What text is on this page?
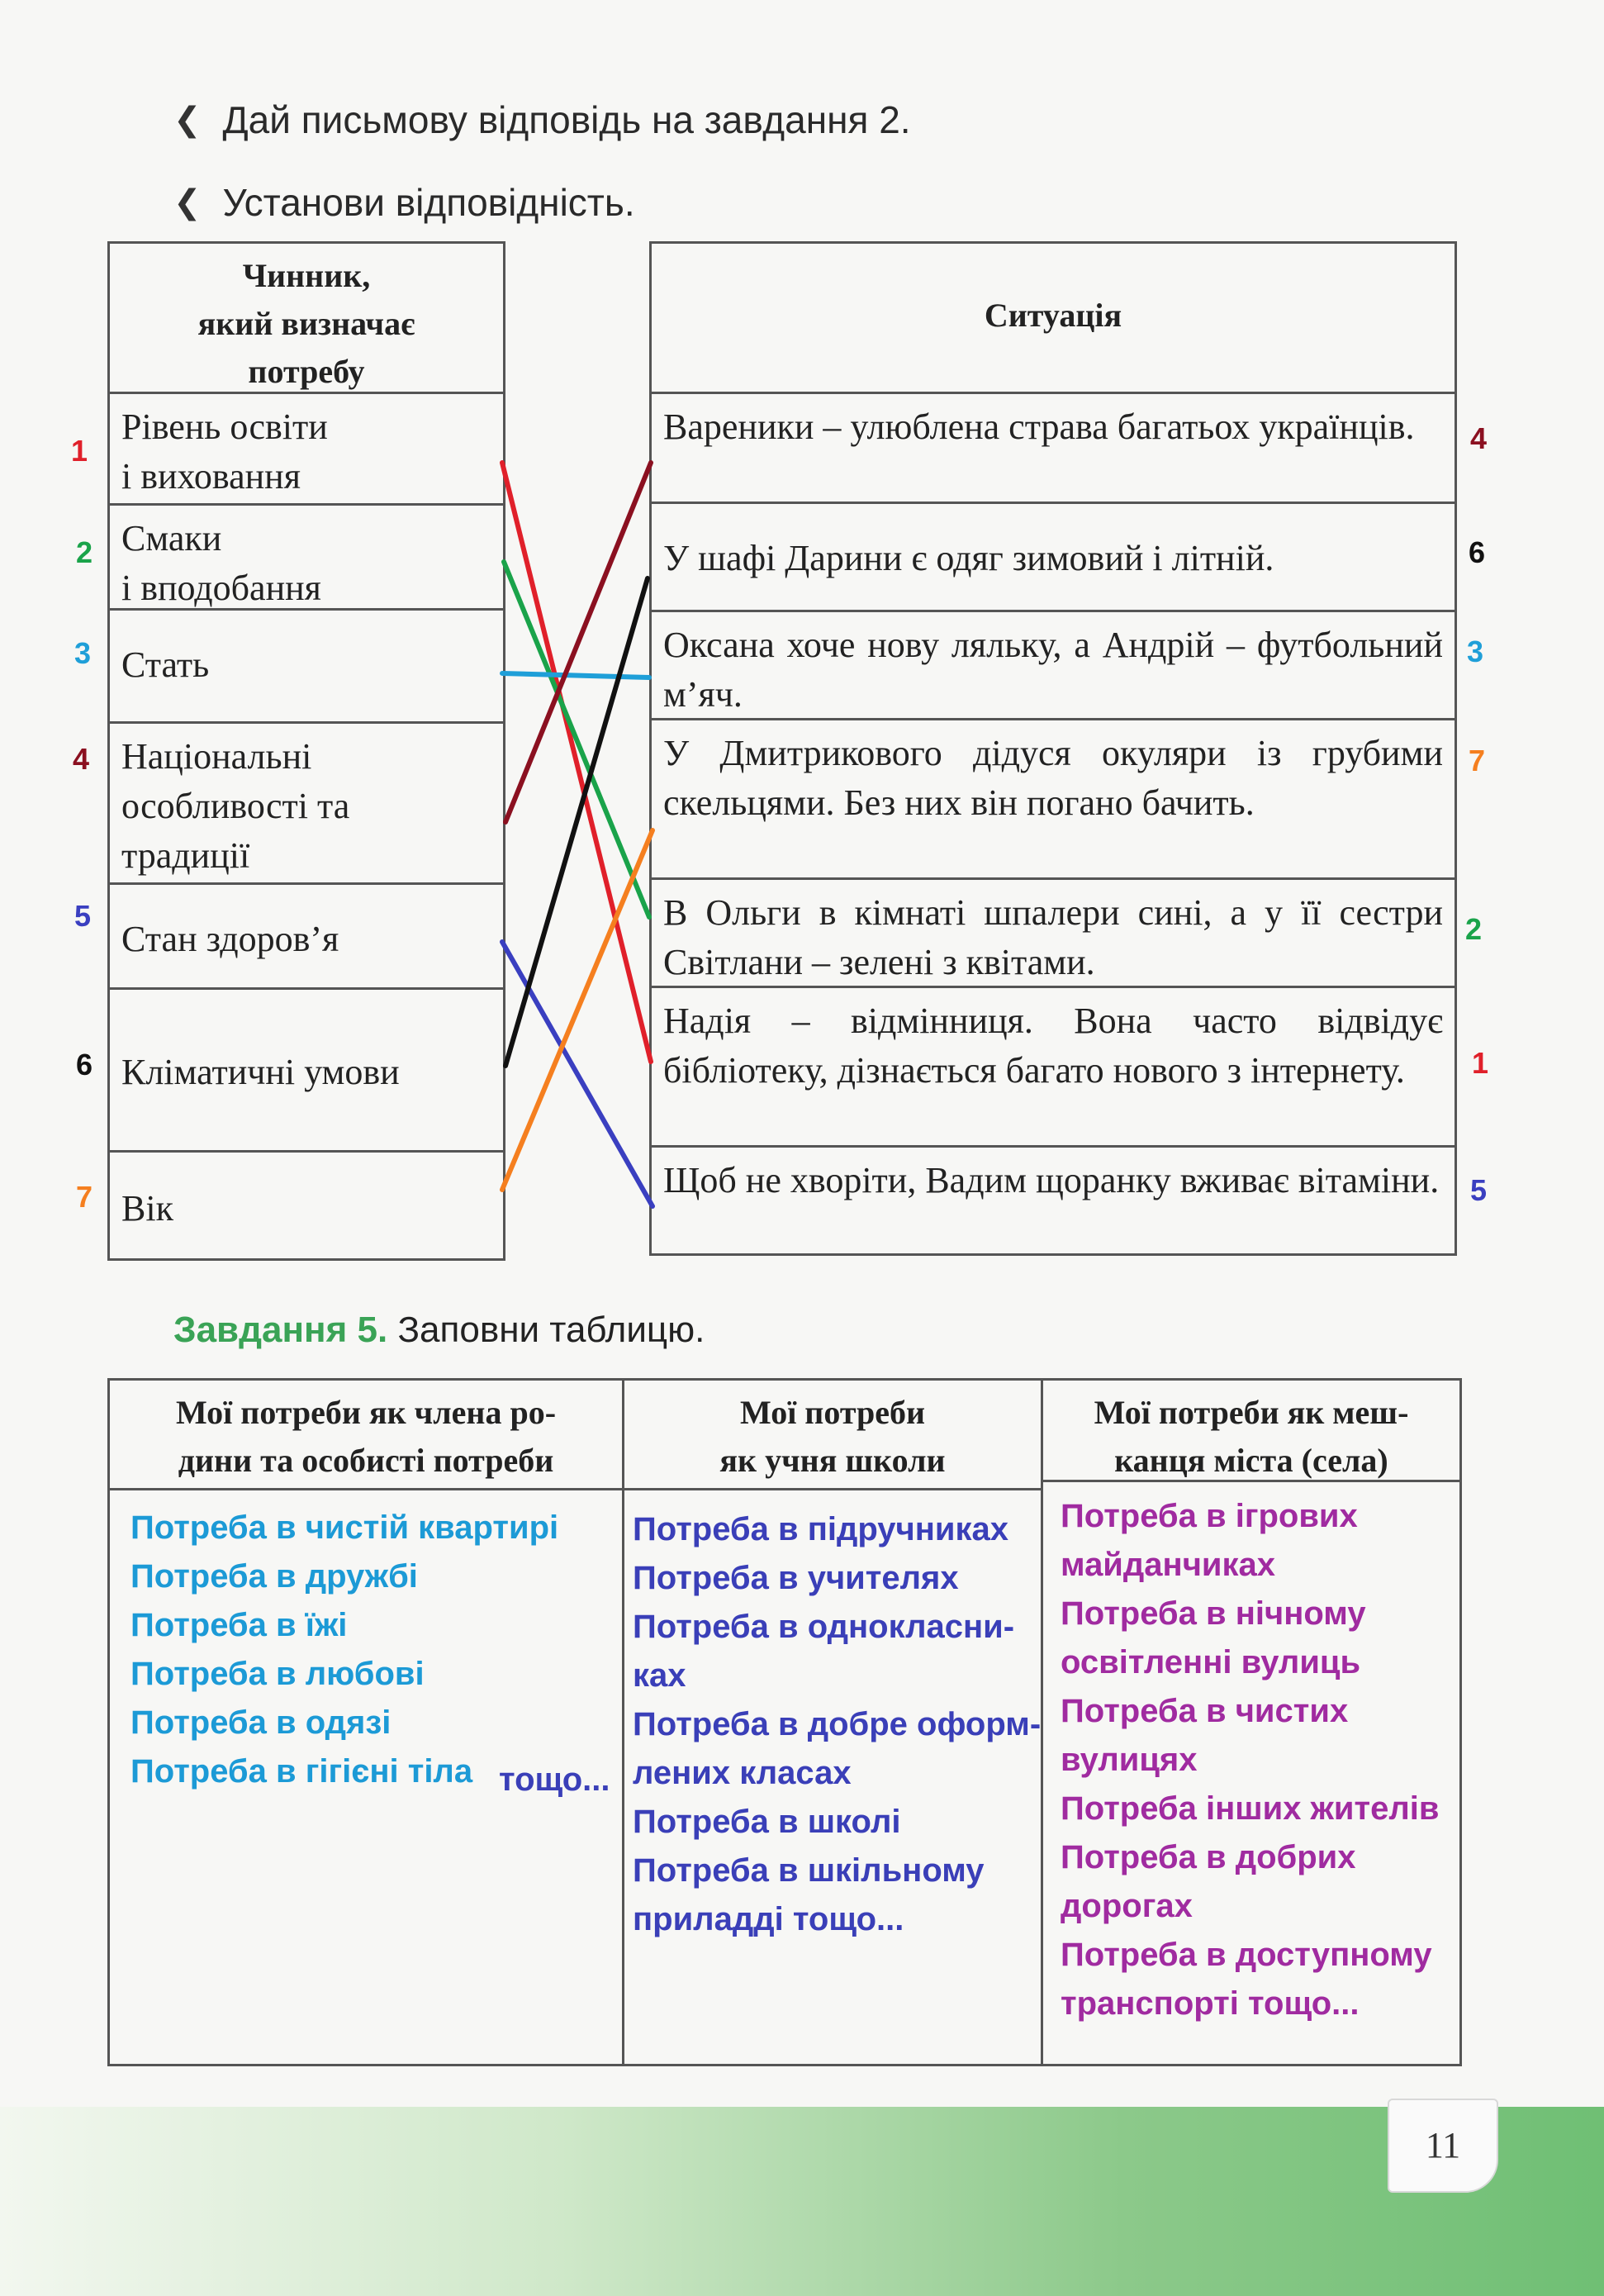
❮ Дай письмову відповідь на завдання 2.
❮ Установи відповідність.
Чинник,
який визначає
потребу
Рівень освіти
і виховання
Смаки
і вподобання
Стать
Національні
особливості та
традиції
Стан здоров’я
Кліматичні умови
Вік
Ситуація
Вареники – улюблена страва багатьох українців.
У шафі Дарини є одяг зимовий і літній.
Оксана хоче нову ляльку, а Андрій – футбольний м’яч.
У Дмитрикового дідуся окуляри із грубими скельцями. Без них він погано бачить.
В Ольги в кімнаті шпалери сині, а у її сестри Світлани – зелені з квітами.
Надія – відмінниця. Вона часто відвідує бібліотеку, дізнається багато нового з інтернету.
Щоб не хворіти, Вадим щоранку вживає вітаміни.
1
2
3
4
5
6
7
4
6
3
7
2
1
5
Завдання 5. Заповни таблицю.
Мої потреби як члена ро-
дини та особисті потреби
Мої потреби
як учня школи
Мої потреби як меш-
канця міста (села)
Потреба в чистій квартирі
Потреба в дружбі
Потреба в їжі
Потреба в любові
Потреба в одязі
Потреба в гігієні тіла тощо...
Потреба в підручниках
Потреба в учителях
Потреба в однокласни-
ках
Потреба в добре оформ-
лених класах
Потреба в школі
Потреба в шкільному
приладді тощо...
Потреба в ігрових
майданчиках
Потреба в нічному
освітленні вулиць
Потреба в чистих
вулицях
Потреба інших жителів
Потреба в добрих
дорогах
Потреба в доступному
транспорті тощо...
11
